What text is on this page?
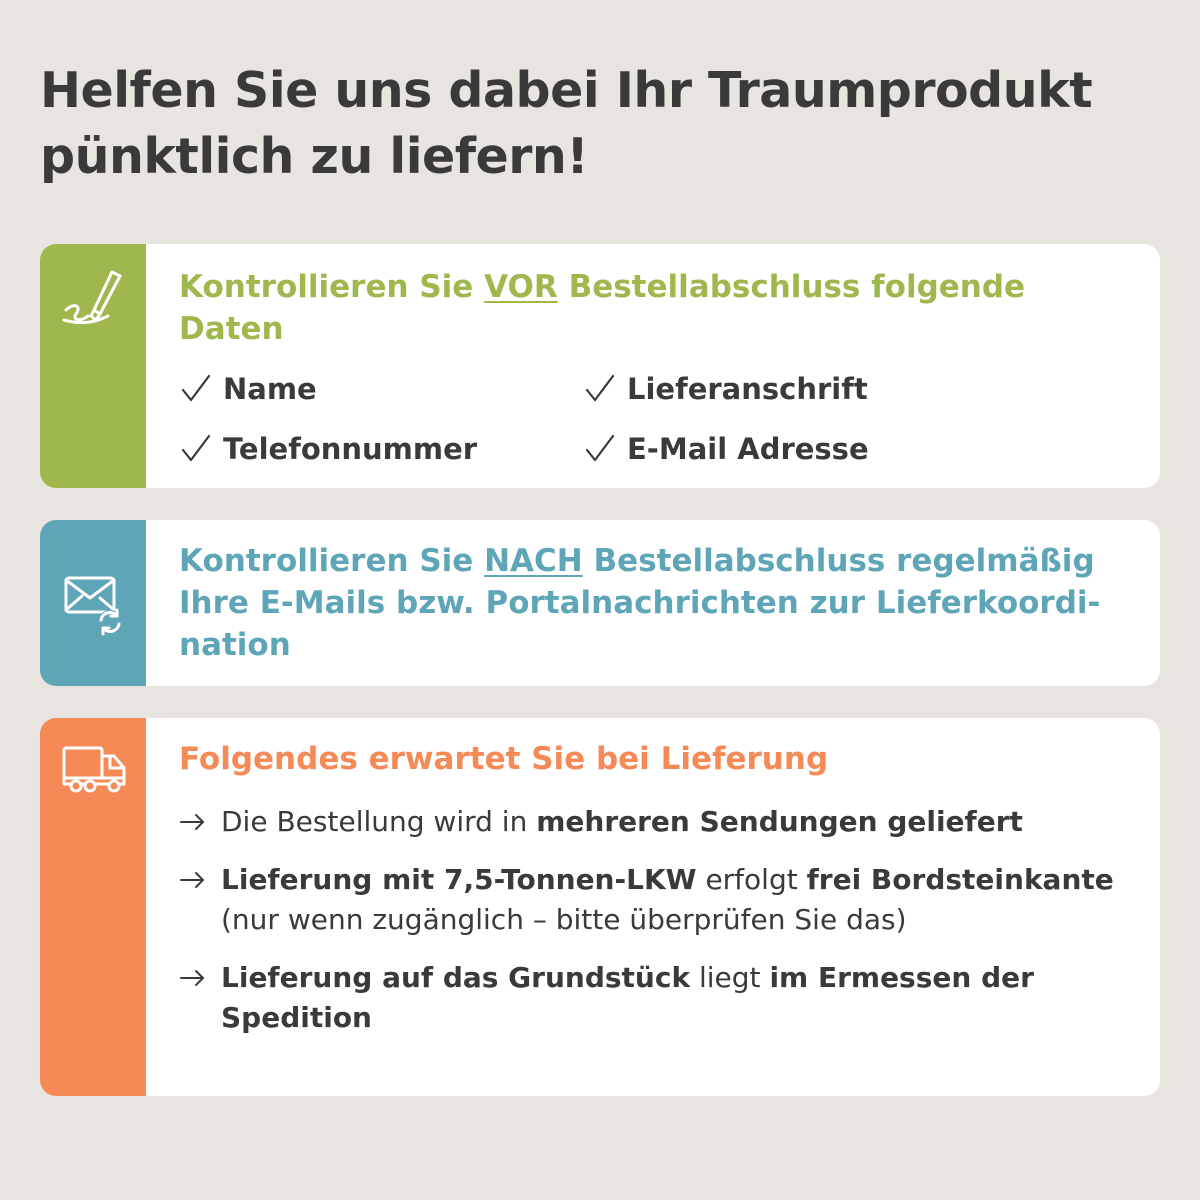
Helfen Sie uns dabei Ihr Traumprodukt
pünktlich zu liefern!
Kontrollieren Sie VOR Bestellabschluss folgende Daten
Name	Lieferanschrift
Telefonnummer	E-Mail Adresse
Kontrollieren Sie NACH Bestellabschluss regelmäßig Ihre E-Mails bzw. Portalnachrichten zur Lieferkoordi-nation
Folgendes erwartet Sie bei Lieferung
Die Bestellung wird in mehreren Sendungen geliefert
Lieferung mit 7,5-Tonnen-LKW erfolgt frei Bordsteinkante (nur wenn zugänglich – bitte überprüfen Sie das)
Lieferung auf das Grundstück liegt im Ermessen der Spedition
